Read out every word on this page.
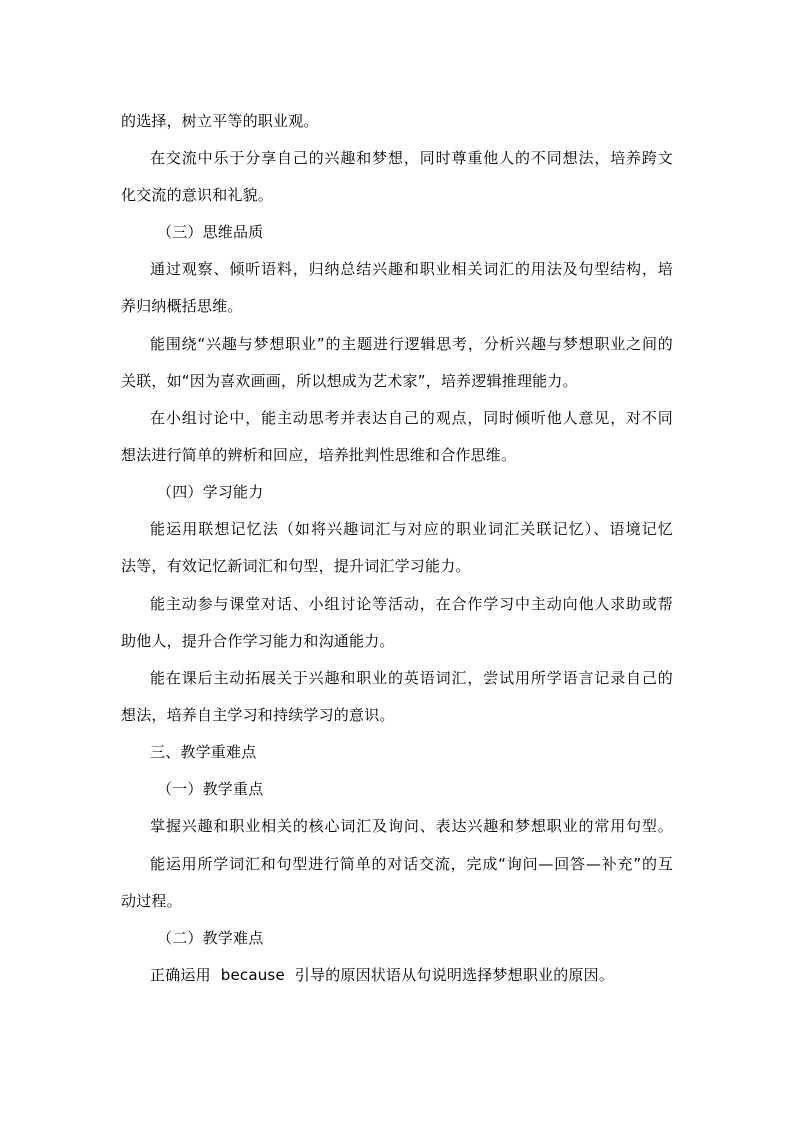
的选择，树立平等的职业观。
在交流中乐于分享自己的兴趣和梦想，同时尊重他人的不同想法，培养跨文
化交流的意识和礼貌。
（三）思维品质
通过观察、倾听语料，归纳总结兴趣和职业相关词汇的用法及句型结构，培
养归纳概括思维。
能围绕“兴趣与梦想职业”的主题进行逻辑思考，分析兴趣与梦想职业之间的
关联，如“因为喜欢画画，所以想成为艺术家”，培养逻辑推理能力。
在小组讨论中，能主动思考并表达自己的观点，同时倾听他人意见，对不同
想法进行简单的辨析和回应，培养批判性思维和合作思维。
（四）学习能力
能运用联想记忆法（如将兴趣词汇与对应的职业词汇关联记忆）、语境记忆
法等，有效记忆新词汇和句型，提升词汇学习能力。
能主动参与课堂对话、小组讨论等活动，在合作学习中主动向他人求助或帮
助他人，提升合作学习能力和沟通能力。
能在课后主动拓展关于兴趣和职业的英语词汇，尝试用所学语言记录自己的
想法，培养自主学习和持续学习的意识。
三、教学重难点
（一）教学重点
掌握兴趣和职业相关的核心词汇及询问、表达兴趣和梦想职业的常用句型。
能运用所学词汇和句型进行简单的对话交流，完成“询问—回答—补充”的互
动过程。
（二）教学难点
正确运用  because  引导的原因状语从句说明选择梦想职业的原因。
